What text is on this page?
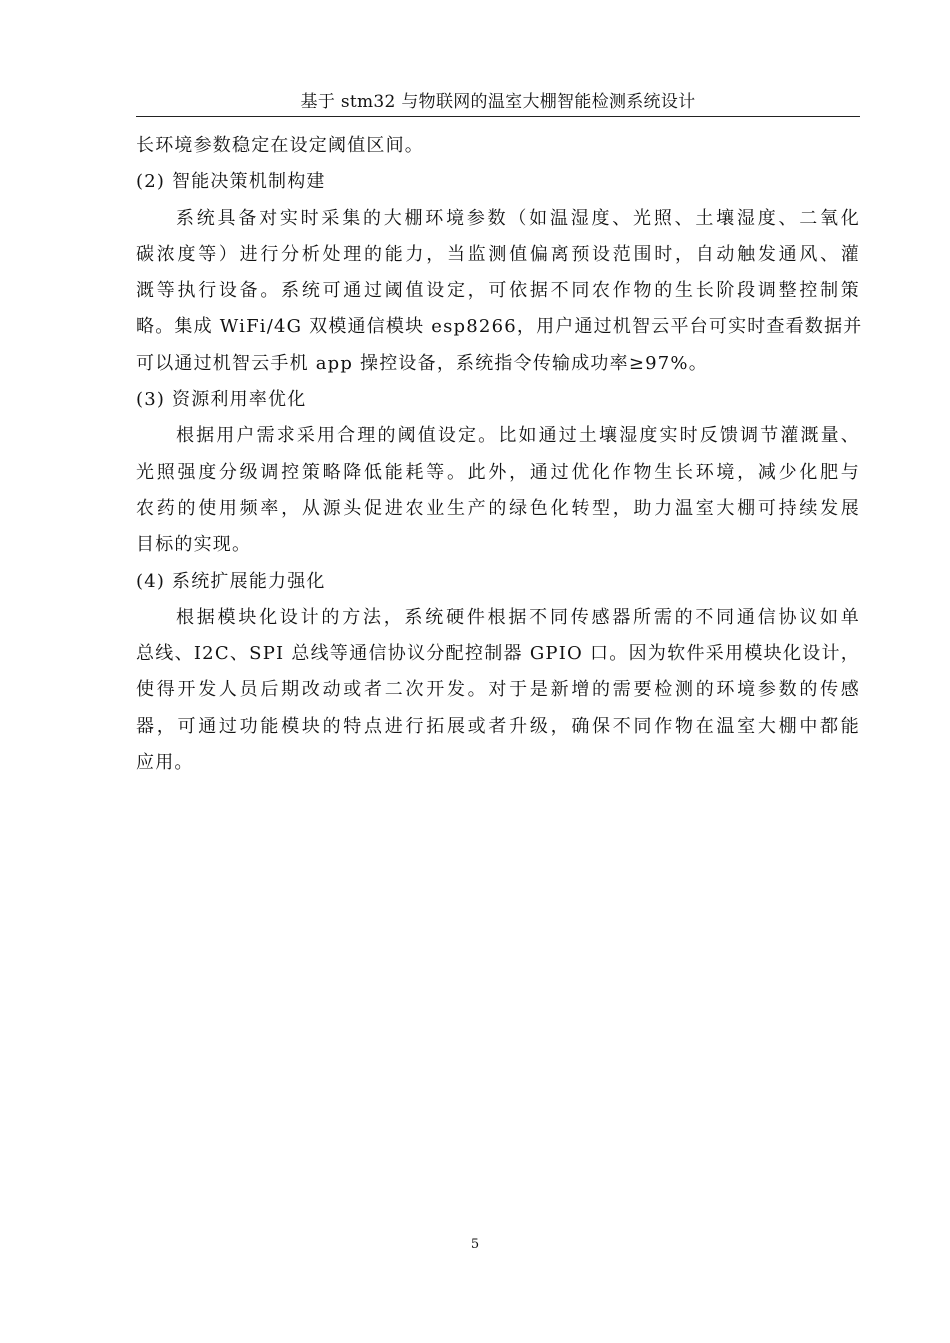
基于 stm32 与物联网的温室大棚智能检测系统设计
长环境参数稳定在设定阈值区间。
(2) 智能决策机制构建
系统具备对实时采集的大棚环境参数（如温湿度、光照、土壤湿度、二氧化
碳浓度等）进行分析处理的能力，当监测值偏离预设范围时，自动触发通风、灌
溉等执行设备。系统可通过阈值设定，可依据不同农作物的生长阶段调整控制策
略。集成 WiFi/4G 双模通信模块 esp8266，用户通过机智云平台可实时查看数据并
可以通过机智云手机 app 操控设备，系统指令传输成功率≥97%。
(3) 资源利用率优化
根据用户需求采用合理的阈值设定。比如通过土壤湿度实时反馈调节灌溉量、
光照强度分级调控策略降低能耗等。此外，通过优化作物生长环境，减少化肥与
农药的使用频率，从源头促进农业生产的绿色化转型，助力温室大棚可持续发展
目标的实现。
(4) 系统扩展能力强化
根据模块化设计的方法，系统硬件根据不同传感器所需的不同通信协议如单
总线、I2C、SPI 总线等通信协议分配控制器 GPIO 口。因为软件采用模块化设计，
使得开发人员后期改动或者二次开发。对于是新增的需要检测的环境参数的传感
器，可通过功能模块的特点进行拓展或者升级，确保不同作物在温室大棚中都能
应用。
5
